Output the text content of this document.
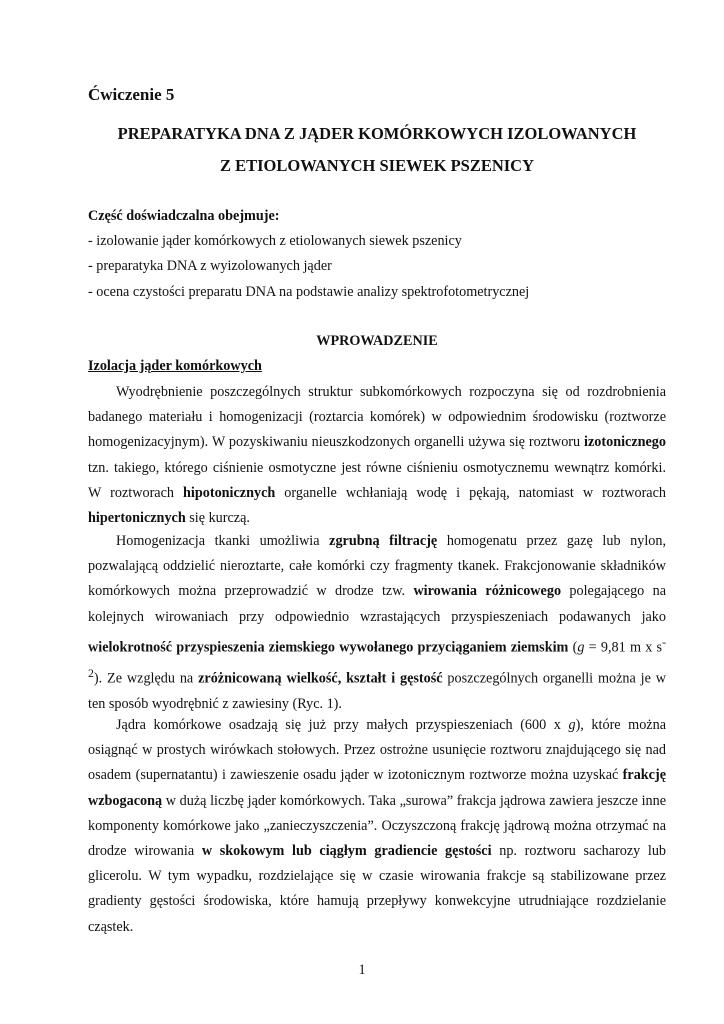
Ćwiczenie 5
PREPARATYKA DNA Z JĄDER KOMÓRKOWYCH IZOLOWANYCH
Z ETIOLOWANYCH SIEWEK PSZENICY
Część doświadczalna obejmuje:
- izolowanie jąder komórkowych z etiolowanych siewek pszenicy
- preparatyka DNA z wyizolowanych jąder
- ocena czystości preparatu DNA na podstawie analizy spektrofotometrycznej
WPROWADZENIE
Izolacja jąder komórkowych

Wyodrębnienie poszczególnych struktur subkomórkowych rozpoczyna się od rozdrobnienia badanego materiału i homogenizacji (roztarcia komórek) w odpowiednim środowisku (roztworze homogenizacyjnym). W pozyskiwaniu nieuszkodzonych organelli używa się roztworu izotonicznego tzn. takiego, którego ciśnienie osmotyczne jest równe ciśnieniu osmotycznemu wewnątrz komórki. W roztworach hipotonicznych organelle wchłaniają wodę i pękają, natomiast w roztworach hipertonicznych się kurczą.

Homogenizacja tkanki umożliwia zgrubną filtrację homogenatu przez gazę lub nylon, pozwalającą oddzielić nieroztarte, całe komórki czy fragmenty tkanek. Frakcjonowanie składników komórkowych można przeprowadzić w drodze tzw. wirowania różnicowego polegającego na kolejnych wirowaniach przy odpowiednio wzrastających przyspieszeniach podawanych jako wielokrotność przyspieszenia ziemskiego wywołanego przyciąganiem ziemskim (g = 9,81 m x $s^{-2}$). Ze względu na zróżnicowaną wielkość, kształt i gęstość poszczególnych organelli można je w ten sposób wyodrębnić z zawiesiny (Ryc. 1).

Jądra komórkowe osadzają się już przy małych przyspieszeniach (600 x g), które można osiągnąć w prostych wirówkach stołowych. Przez ostrożne usunięcie roztworu znajdującego się nad osadem (supernatantu) i zawieszenie osadu jąder w izotonicznym roztworze można uzyskać frakcję wzbogaconą w dużą liczbę jąder komórkowych. Taka „surowa” frakcja jądrowa zawiera jeszcze inne komponenty komórkowe jako „zanieczyszczenia”. Oczyszczoną frakcję jądrową można otrzymać na drodze wirowania w skokowym lub ciągłym gradiencie gęstości np. roztworu sacharozy lub glicerolu. W tym wypadku, rozdzielające się w czasie wirowania frakcje są stabilizowane przez gradienty gęstości środowiska, które hamują przepływy konwekcyjne utrudniające rozdzielanie cząstek.

1
